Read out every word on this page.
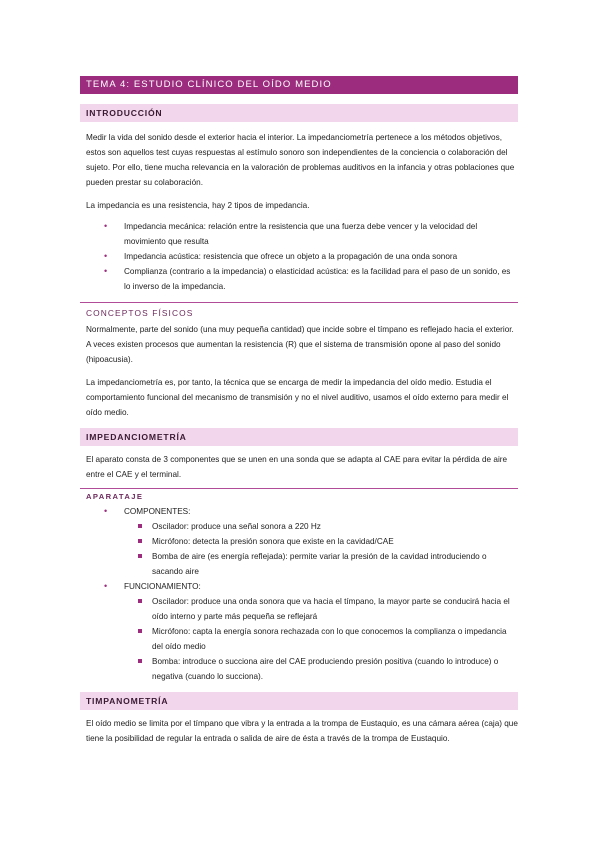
TEMA 4: ESTUDIO CLÍNICO DEL OÍDO MEDIO
INTRODUCCIÓN

Medir la vida del sonido desde el exterior hacia el interior. La impedanciometría pertenece a los métodos objetivos, estos son aquellos test cuyas respuestas al estímulo sonoro son independientes de la conciencia o colaboración del sujeto. Por ello, tiene mucha relevancia en la valoración de problemas auditivos en la infancia y otras poblaciones que pueden prestar su colaboración.

La impedancia es una resistencia, hay 2 tipos de impedancia.

• Impedancia mecánica: relación entre la resistencia que una fuerza debe vencer y la velocidad del movimiento que resulta
• Impedancia acústica: resistencia que ofrece un objeto a la propagación de una onda sonora
• Complianza (contrario a la impedancia) o elasticidad acústica: es la facilidad para el paso de un sonido, es lo inverso de la impedancia.
CONCEPTOS FÍSICOS

Normalmente, parte del sonido (una muy pequeña cantidad) que incide sobre el tímpano es reflejado hacia el exterior. A veces existen procesos que aumentan la resistencia (R) que el sistema de transmisión opone al paso del sonido (hipoacusia).

La impedanciometría es, por tanto, la técnica que se encarga de medir la impedancia del oído medio. Estudia el comportamiento funcional del mecanismo de transmisión y no el nivel auditivo, usamos el oído externo para medir el oído medio.

IMPEDANCIOMETRÍA

El aparato consta de 3 componentes que se unen en una sonda que se adapta al CAE para evitar la pérdida de aire entre el CAE y el terminal.

APARATAJE
• COMPONENTES:
Oscilador: produce una señal sonora a 220 Hz
Micrófono: detecta la presión sonora que existe en la cavidad/CAE
Bomba de aire (es energía reflejada): permite variar la presión de la cavidad introduciendo o sacando aire
• FUNCIONAMIENTO:
Oscilador: produce una onda sonora que va hacia el tímpano, la mayor parte se conducirá hacia el oído interno y parte más pequeña se reflejará
Micrófono: capta la energía sonora rechazada con lo que conocemos la complianza o impedancia del oído medio
Bomba: introduce o succiona aire del CAE produciendo presión positiva (cuando lo introduce) o negativa (cuando lo succiona).
TIMPANOMETRÍA

El oído medio se limita por el tímpano que vibra y la entrada a la trompa de Eustaquio, es una cámara aérea (caja) que tiene la posibilidad de regular la entrada o salida de aire de ésta a través de la trompa de Eustaquio.
